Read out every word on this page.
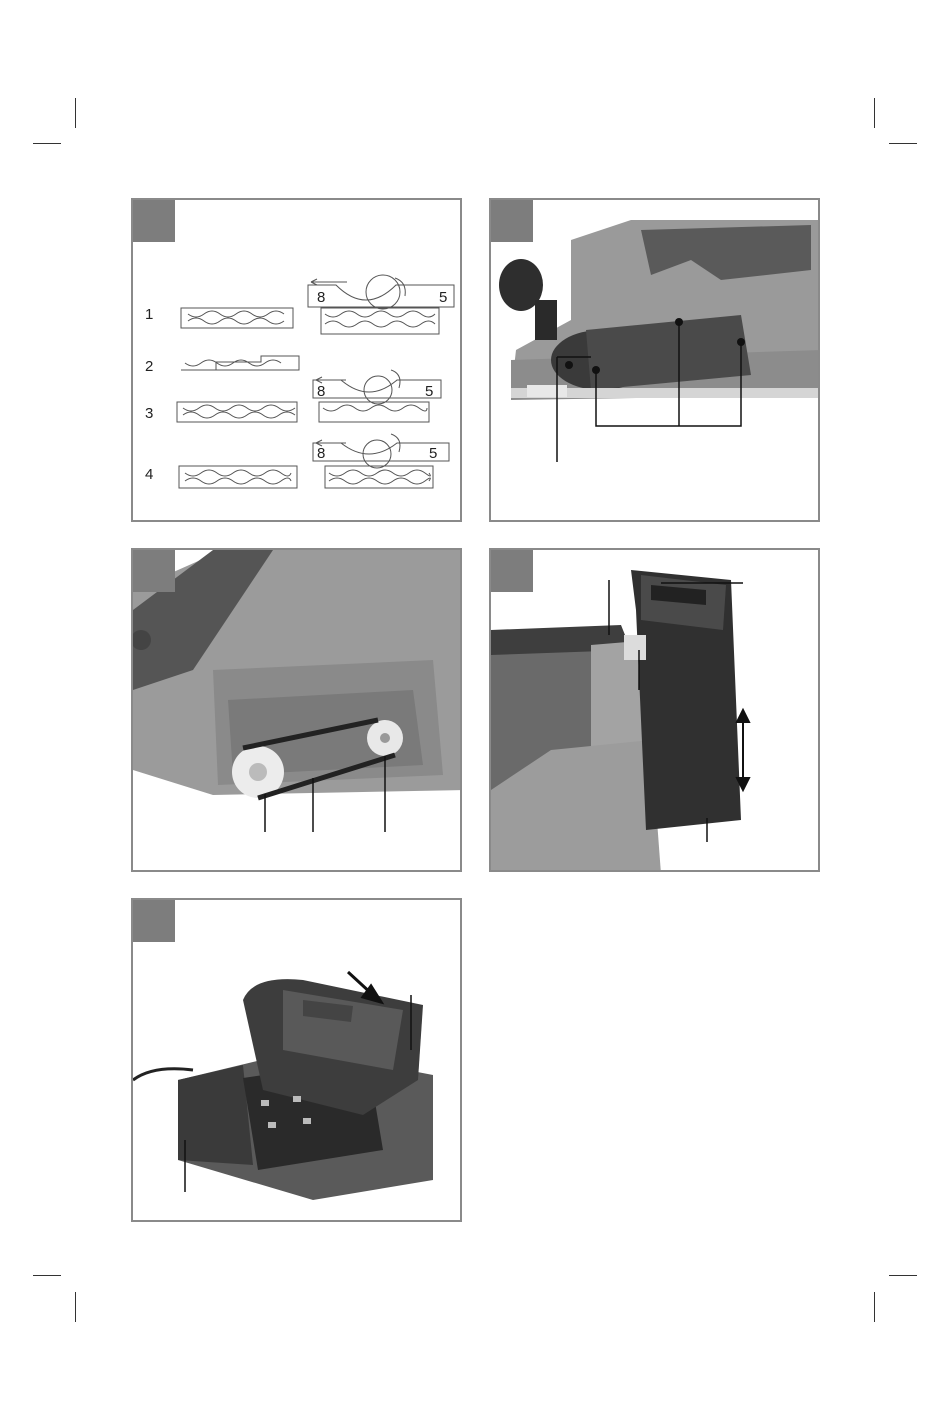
1
2
3
4
8	5
8	5
8	5
